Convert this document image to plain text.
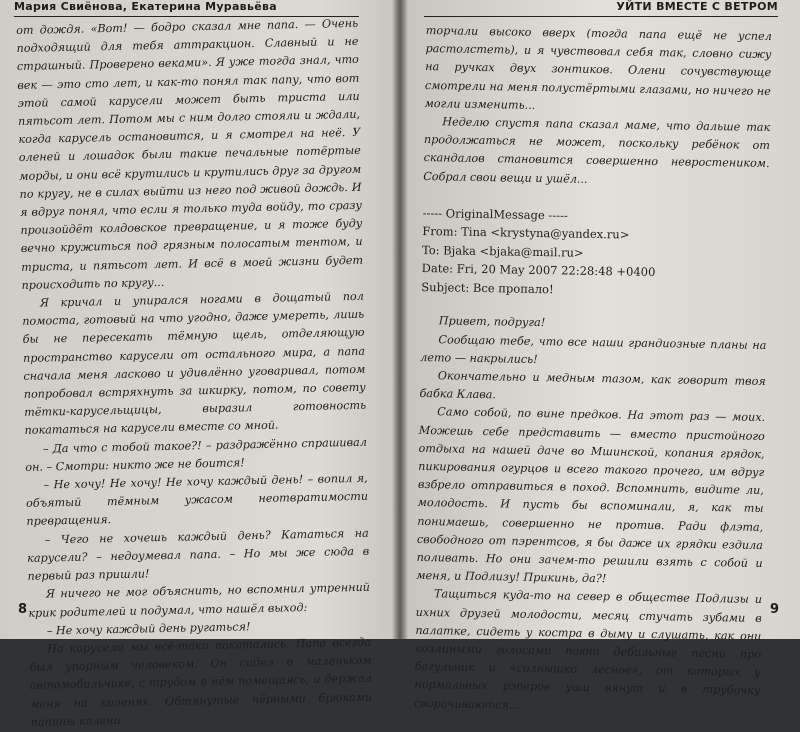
Мария Свиёнова, Екатерина Муравьёва

от дождя. «Вот! — бодро сказал мне папа. — Очень подходящий для тебя аттракцион. Славный и не страшный. Проверено веками». Я уже тогда знал, что век — это сто лет, и как-то понял так папу, что вот этой самой карусели может быть триста или пятьсот лет. Потом мы с ним долго стояли и ждали, когда карусель остановится, и я смотрел на неё. У оленей и лошадок были такие печальные потёртые морды, и они всё крутились и крутились друг за другом по кругу, не в силах выйти из него под живой дождь. И я вдруг понял, что если я только туда войду, то сразу произойдёт колдовское превращение, и я тоже буду вечно кружиться под грязным полосатым тентом, и триста, и пятьсот лет. И всё в моей жизни будет происходить по кругу...

Я кричал и упирался ногами в дощатый пол помоста, готовый на что угодно, даже умереть, лишь бы не пересекать тёмную щель, отделяющую пространство карусели от остального мира, а папа сначала меня ласково и удивлённо уговаривал, потом попробовал встряхнуть за шкирку, потом, по совету тётки-карусельщицы, выразил готовность покататься на карусели вместе со мной.

– Да что с тобой такое?! – раздражённо спрашивал он. – Смотри: никто же не боится!

– Не хочу! Не хочу! Не хочу каждый день! – вопил я, объятый тёмным ужасом неотвратимости превращения.

– Чего не хочешь каждый день? Кататься на карусели? – недоумевал папа. – Но мы же сюда в первый раз пришли!

Я ничего не мог объяснить, но вспомнил утренний крик родителей и подумал, что нашёл выход:

– Не хочу каждый день ругаться!

На карусели мы всё-таки покатались. Папа всегда был упорным человеком. Он сидел в маленьком автомобильчике, с трудом в нём помещаясь, и держал меня на коленях. Обтянутые чёрными брюками папины колени

8
УЙТИ ВМЕСТЕ С ВЕТРОМ

торчали высоко вверх (тогда папа ещё не успел растолстеть), и я чувствовал себя так, словно сижу на ручках двух зонтиков. Олени сочувствующе смотрели на меня полустёртыми глазами, но ничего не могли изменить...

Неделю спустя папа сказал маме, что дальше так продолжаться не может, поскольку ребёнок от скандалов становится совершенно невростеником. Собрал свои вещи и ушёл...

----- OriginalMessage -----
From: Tina <krystyna@yandex.ru>
To: Bjaka <bjaka@mail.ru>
Date: Fri, 20 May 2007 22:28:48 +0400
Subject: Все пропало!

Привет, подруга!

Сообщаю тебе, что все наши грандиозные планы на лето — накрылись!

Окончательно и медным тазом, как говорит твоя бабка Клава.

Само собой, по вине предков. На этот раз — моих. Можешь себе представить — вместо пристойного отдыха на нашей даче во Мшинской, копания грядок, пикирования огурцов и всего такого прочего, им вдруг взбрело отправиться в поход. Вспомнить, видите ли, молодость. И пусть бы вспоминали, я, как ты понимаешь, совершенно не против. Ради флэта, свободного от пэрентсов, я бы даже их грядки ездила поливать. Но они зачем-то решили взять с собой и меня, и Подлизу! Прикинь, да?!

Тащиться куда-то на север в обществе Подлизы и ихних друзей молодости, месяц стучать зубами в палатке, сидеть у костра в дыму и слушать, как они козлиными голосами поют дебильные песни про багульник и «солнышко лесное», от которых у нормальных рэперов уши вянут и в трубочку сворачиваются...

9
